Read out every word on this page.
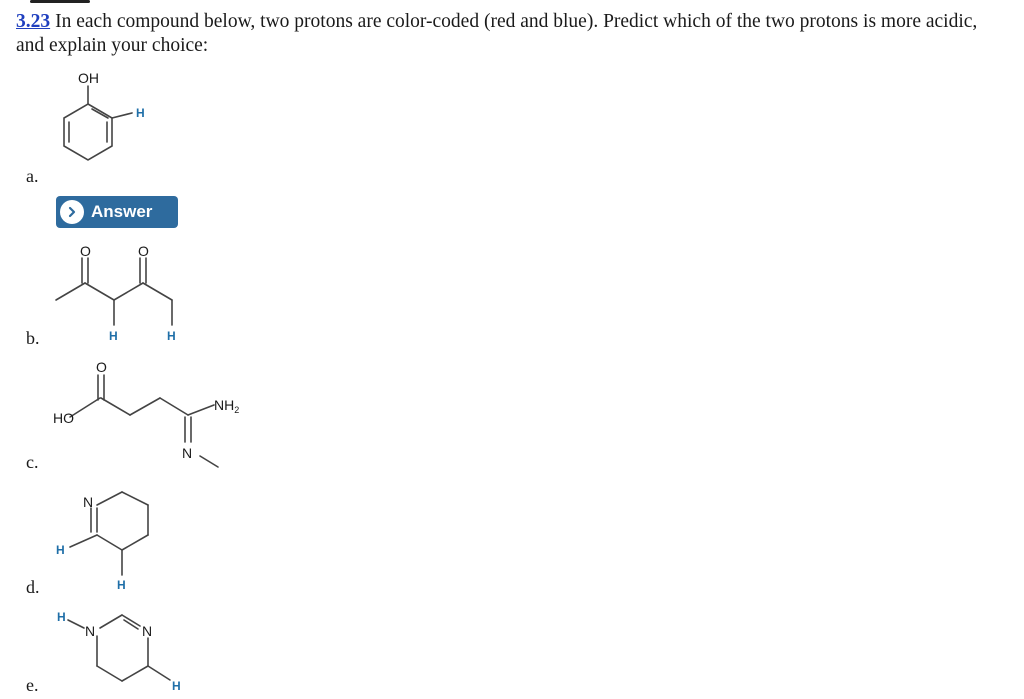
3.23 In each compound below, two protons are color-coded (red and blue). Predict which of the two protons is more acidic, and explain your choice:
a.
b.
c.
d.
e.
OH
H
O	O
H	H
O
HO
$NH_2$
N
N
H
H
H
N	N
H
Answer
